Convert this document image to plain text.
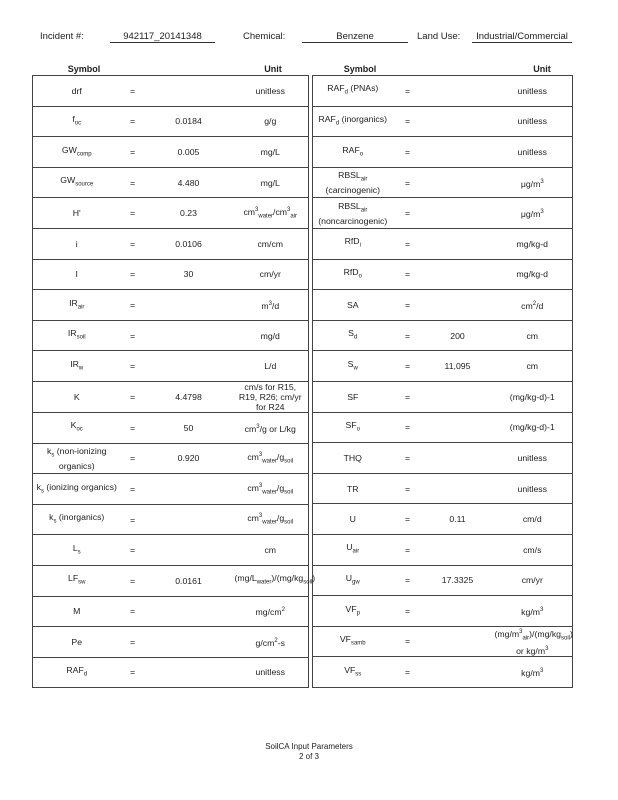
Incident #:	942117_20141348	Chemical:	Benzene	Land Use:	Industrial/Commercial
Symbol	Unit	Symbol	Unit
drf	=		unitless
$f_{oc}$	=	0.0184	g/g
$GW_{comp}$	=	0.005	mg/L
$GW_{source}$	=	4.480	mg/L
H'	=	0.23	$cm^3_{water}/cm^3_{air}$
i	=	0.0106	cm/cm
I	=	30	cm/yr
$IR_{air}$	=		$m^3/d$
$IR_{soil}$	=		mg/d
$IR_w$	=		L/d
K	=	4.4798	cm/s for R15, R19, R26; cm/yr for R24
$K_{oc}$	=	50	$cm^3/g$ or L/kg
$k_s$ (non-ionizing organics)	=	0.920	$cm^3_{water}/g_{soil}$
$k_s$ (ionizing organics)	=		$cm^3_{water}/g_{soil}$
$k_s$ (inorganics)	=		$cm^3_{water}/g_{soil}$
$L_s$	=		cm
$LF_{sw}$	=	0.0161	$(mg/L_{water})/(mg/kg_{soil})$
M	=		$mg/cm^2$
Pe	=		$g/cm^2-s$
$RAF_d$	=		unitless
$RAF_d$ (PNAs)	=		unitless
$RAF_d$ (inorganics)	=		unitless
$RAF_o$	=		unitless
$RBSL_{air}$ (carcinogenic)	=		$\mu g/m^3$
$RBSL_{air}$ (noncarcinogenic)	=		$\mu g/m^3$
RfD$_i$	=		mg/kg-d
RfD$_o$	=		mg/kg-d
SA	=		$cm^2/d$
$S_d$	=	200	cm
$S_w$	=	11,095	cm
SF	=		(mg/kg-d)-1
$SF_o$	=		(mg/kg-d)-1
THQ	=		unitless
TR	=		unitless
U	=	0.11	cm/d
$U_{air}$	=		cm/s
$U_{gw}$	=	17.3325	cm/yr
$VF_p$	=		$kg/m^3$
$VF_{samb}$	=		$(mg/m^3_{air})/(mg/kg_{soil})$ or $kg/m^3$
$VF_{ss}$	=		$kg/m^3$
SoilCA Input Parameters
2 of 3
